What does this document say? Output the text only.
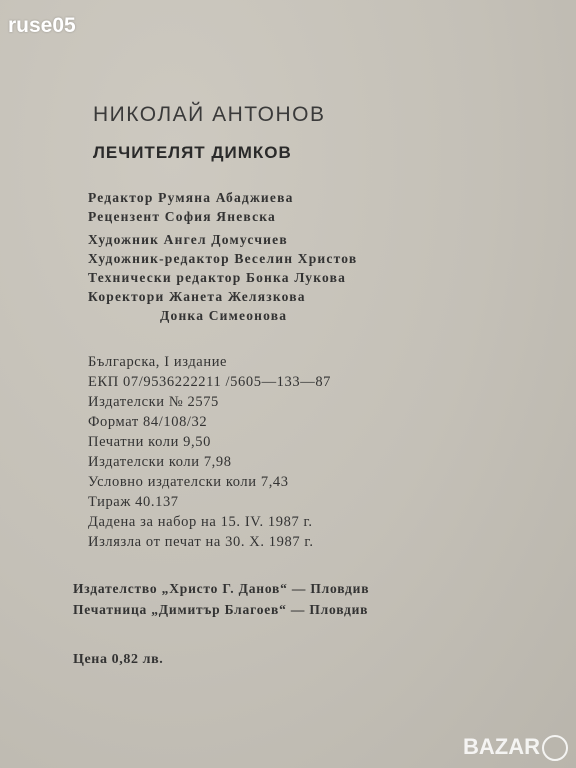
ruse05
НИКОЛАЙ АНТОНОВ
ЛЕЧИТЕЛЯТ ДИМКОВ
Редактор Румяна Абаджиева
Рецензент София Яневска
Художник Ангел Домусчиев
Художник-редактор Веселин Христов
Технически редактор Бонка Лукова
Коректори Жанета Желязкова
Донка Симеонова
Българска, I издание
ЕКП 07/9536222211 /5605—133—87
Издателски № 2575
Формат 84/108/32
Печатни коли 9,50
Издателски коли 7,98
Условно издателски коли 7,43
Тираж 40.137
Дадена за набор на 15. IV. 1987 г.
Излязла от печат на 30. X. 1987 г.
Издателство „Христо Г. Данов“ — Пловдив
Печатница „Димитър Благоев“ — Пловдив
Цена 0,82 лв.
BAZAR
